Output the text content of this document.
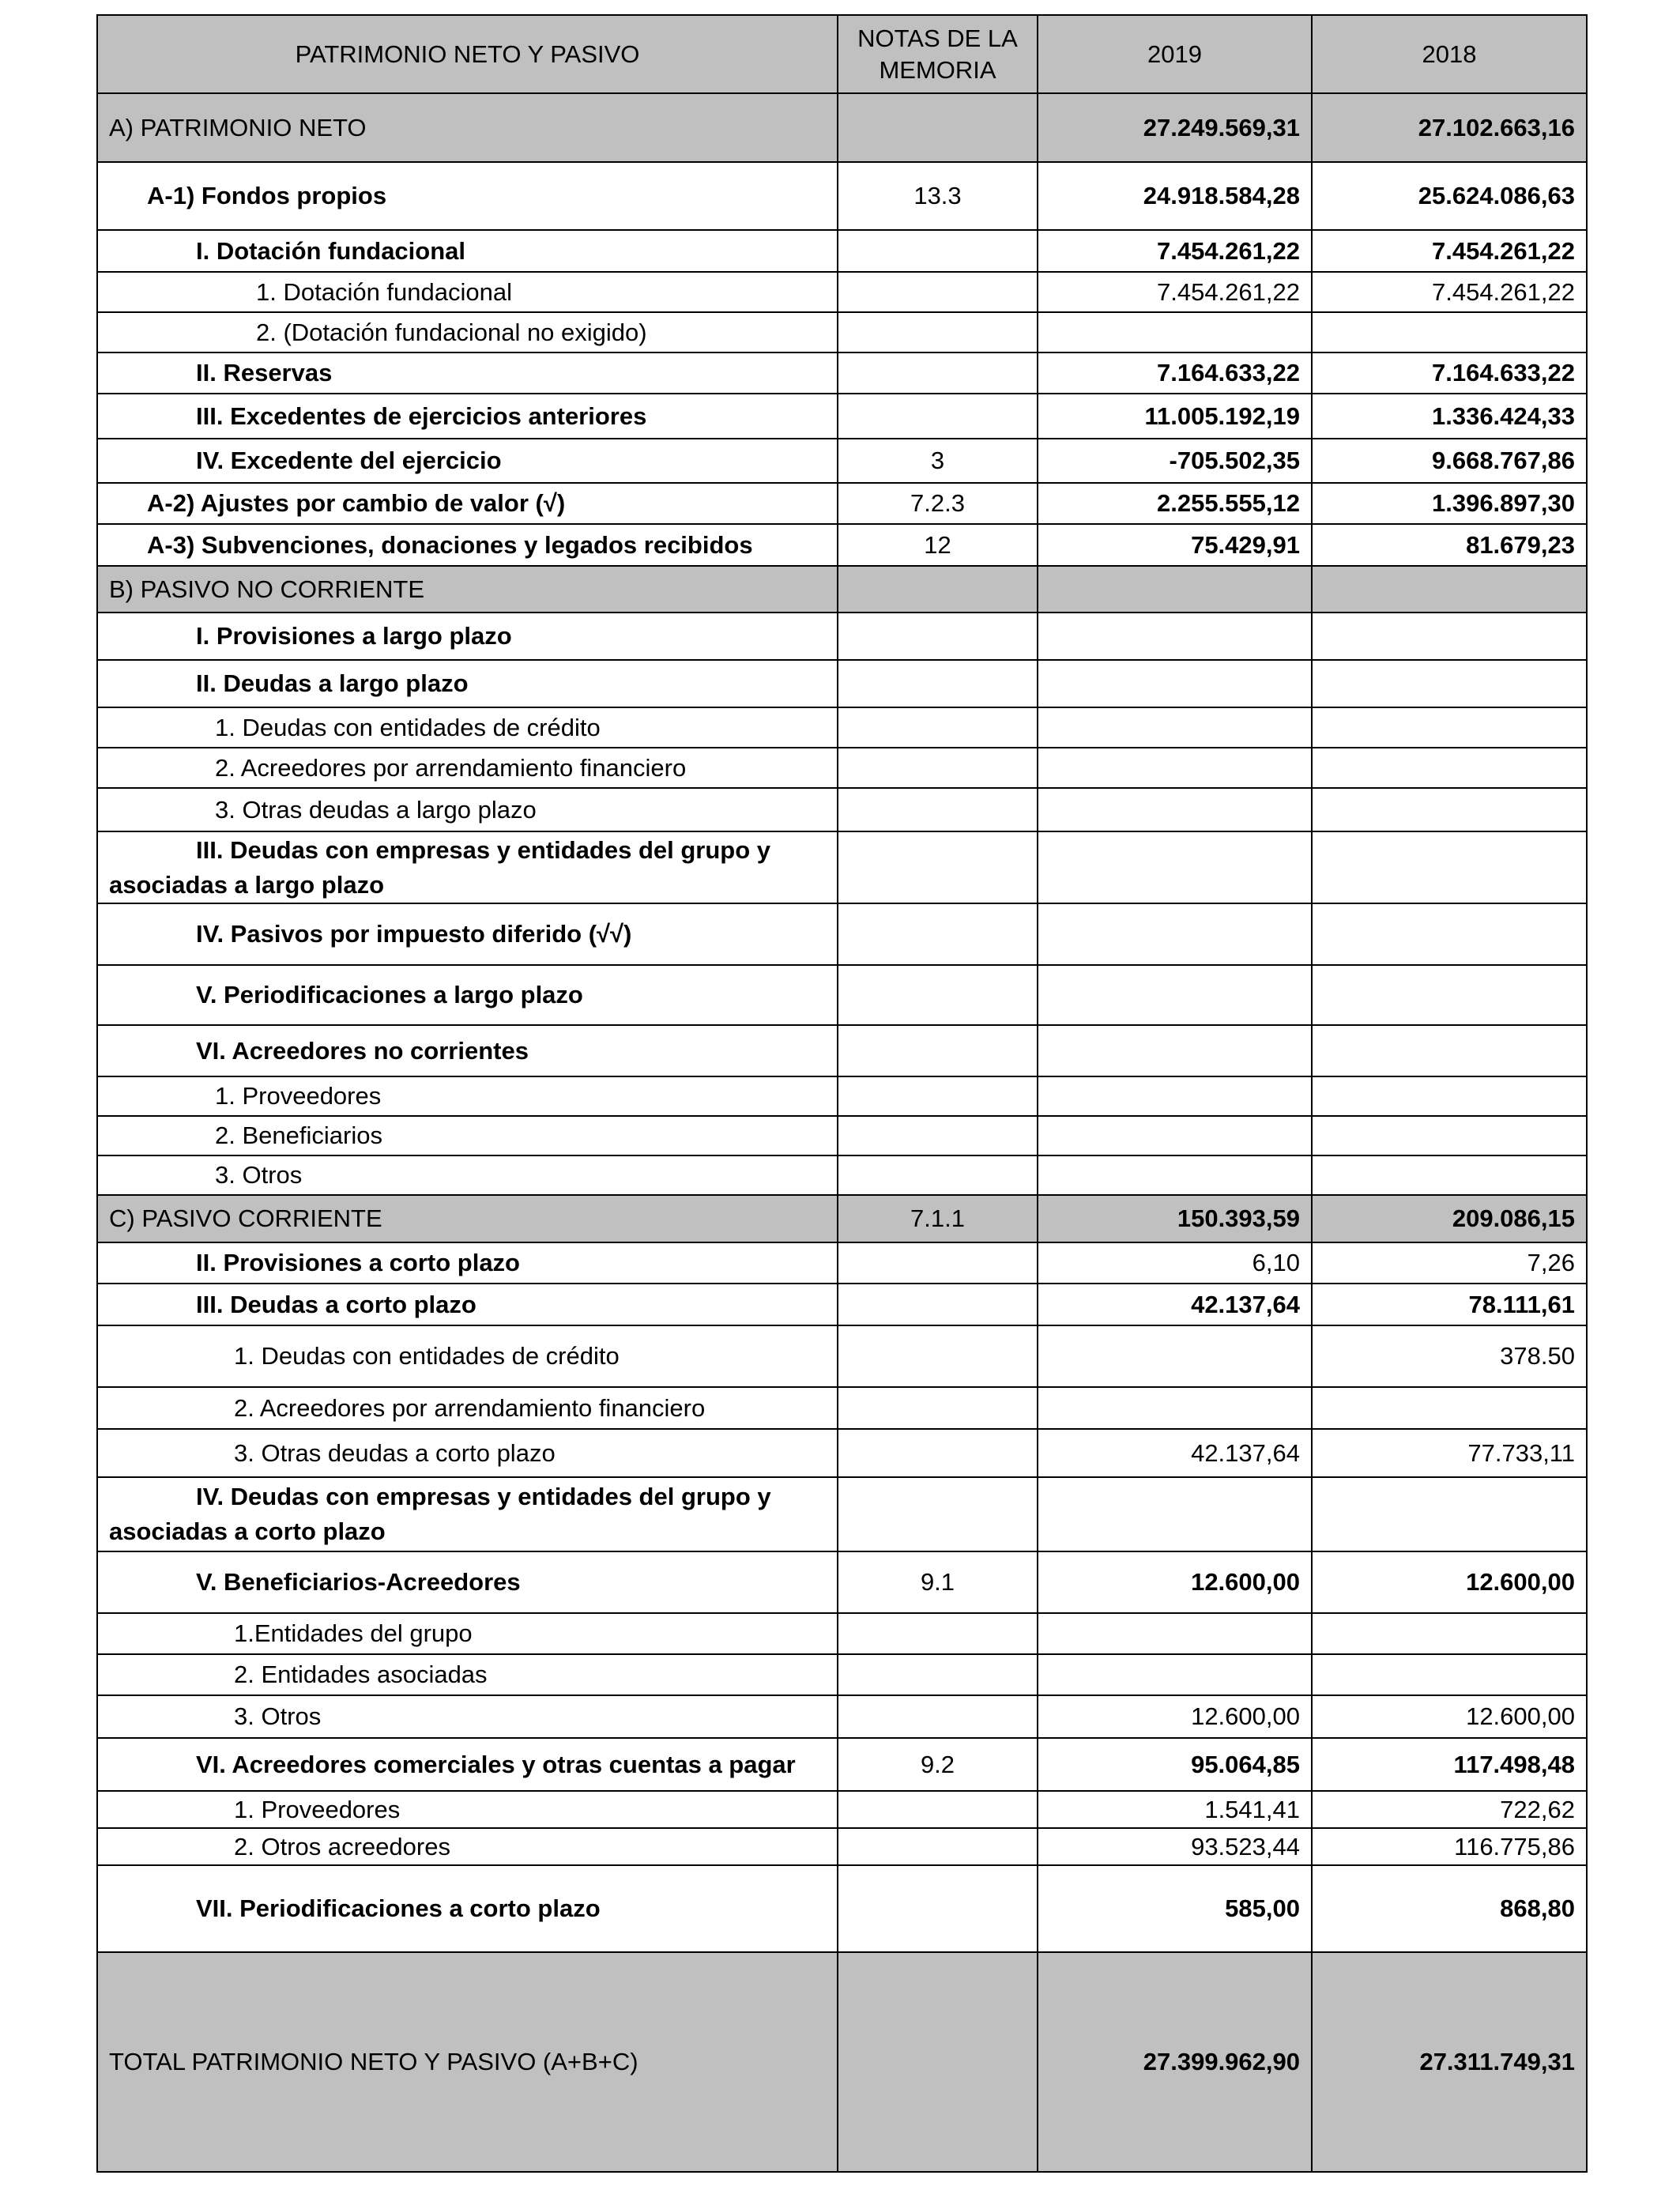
PATRIMONIO NETO Y PASIVO	NOTAS DE LA MEMORIA	2019	2018
A) PATRIMONIO NETO		27.249.569,31	27.102.663,16
A-1) Fondos propios	13.3	24.918.584,28	25.624.086,63
I. Dotación fundacional		7.454.261,22	7.454.261,22
1. Dotación fundacional		7.454.261,22	7.454.261,22
2. (Dotación fundacional no exigido)			
II. Reservas		7.164.633,22	7.164.633,22
III. Excedentes de ejercicios anteriores		11.005.192,19	1.336.424,33
IV. Excedente del ejercicio	3	-705.502,35	9.668.767,86
A-2) Ajustes por cambio de valor (√)	7.2.3	2.255.555,12	1.396.897,30
A-3) Subvenciones, donaciones y legados recibidos	12	75.429,91	81.679,23
B) PASIVO NO CORRIENTE			
I. Provisiones a largo plazo			
II. Deudas a largo plazo			
1. Deudas con entidades de crédito			
2. Acreedores por arrendamiento financiero			
3. Otras deudas a largo plazo			
III. Deudas con empresas y entidades del grupo y asociadas a largo plazo			
IV. Pasivos por impuesto diferido (√√)			
V. Periodificaciones a largo plazo			
VI. Acreedores no corrientes			
1. Proveedores			
2. Beneficiarios			
3. Otros			
C) PASIVO CORRIENTE	7.1.1	150.393,59	209.086,15
II. Provisiones a corto plazo		6,10	7,26
III. Deudas a corto plazo		42.137,64	78.111,61
1. Deudas con entidades de crédito			378.50
2. Acreedores por arrendamiento financiero			
3. Otras deudas a corto plazo		42.137,64	77.733,11
IV. Deudas con empresas y entidades del grupo y asociadas a corto plazo			
V. Beneficiarios-Acreedores	9.1	12.600,00	12.600,00
1.Entidades del grupo			
2. Entidades asociadas			
3. Otros		12.600,00	12.600,00
VI. Acreedores comerciales y otras cuentas a pagar	9.2	95.064,85	117.498,48
1. Proveedores		1.541,41	722,62
2. Otros acreedores		93.523,44	116.775,86
VII. Periodificaciones a corto plazo		585,00	868,80
TOTAL PATRIMONIO NETO Y PASIVO (A+B+C)		27.399.962,90	27.311.749,31
